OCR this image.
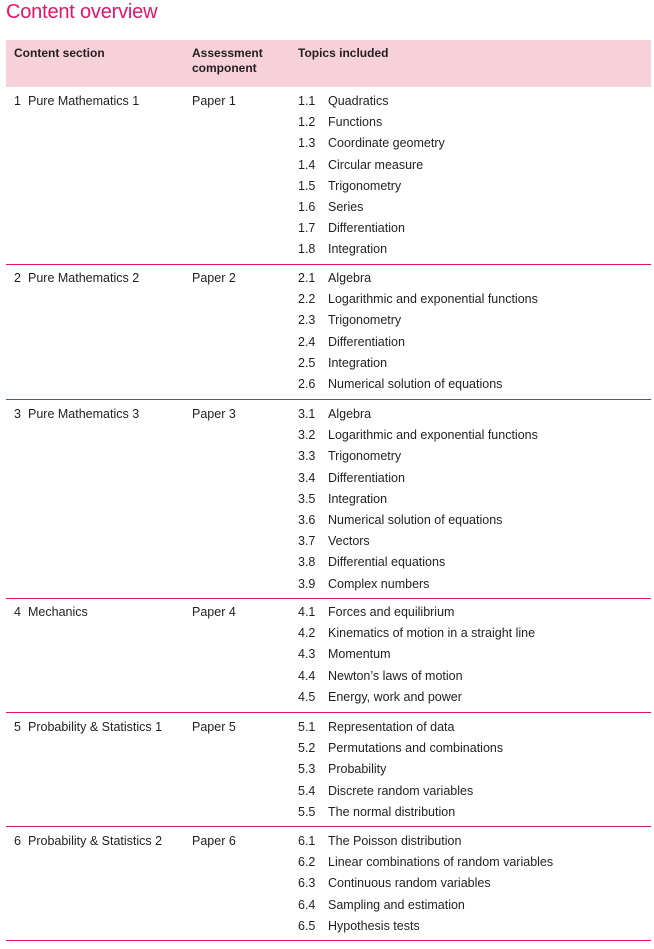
Content overview
Content section	Assessment component
Topics included
1 Pure Mathematics 1	Paper 1	1.1 Quadratics
1.2 Functions
1.3 Coordinate geometry
1.4 Circular measure
1.5 Trigonometry
1.6 Series
1.7 Differentiation
1.8 Integration
2 Pure Mathematics 2	Paper 2	2.1 Algebra
2.2 Logarithmic and exponential functions
2.3 Trigonometry
2.4 Differentiation
2.5 Integration
2.6 Numerical solution of equations
3 Pure Mathematics 3	Paper 3	3.1 Algebra
3.2 Logarithmic and exponential functions
3.3 Trigonometry
3.4 Differentiation
3.5 Integration
3.6 Numerical solution of equations
3.7 Vectors
3.8 Differential equations
3.9 Complex numbers
4 Mechanics	Paper 4	4.1 Forces and equilibrium
4.2 Kinematics of motion in a straight line
4.3 Momentum
4.4 Newton’s laws of motion
4.5 Energy, work and power
5 Probability & Statistics 1 Paper 5	5.1 Representation of data
5.2 Permutations and combinations
5.3 Probability
5.4 Discrete random variables
5.5 The normal distribution
6 Probability & Statistics 2 Paper 6	6.1 The Poisson distribution
6.2 Linear combinations of random variables
6.3 Continuous random variables
6.4 Sampling and estimation
6.5 Hypothesis tests
